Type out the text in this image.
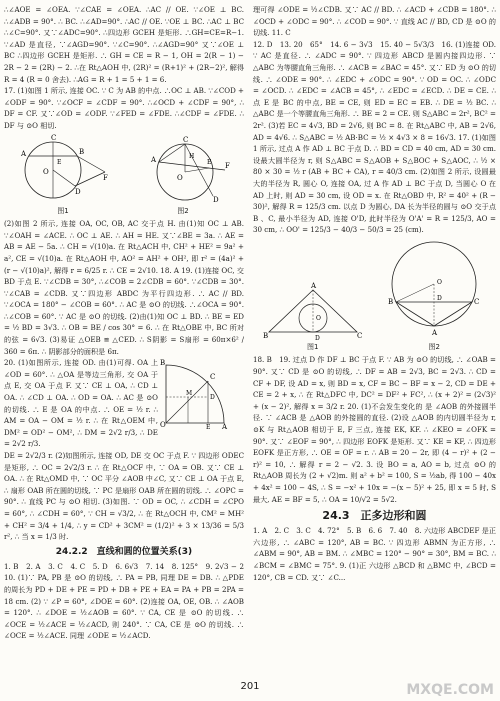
∴∠AOE = ∠OEA. ∵∠CAE = ∠OEA. ∴AC // OE. ∵∠OE ⊥ BC. ∴∠ADB = 90°. ∴ BC. ∴∠AD=90°. ∴AC // OE. ∵OE ⊥ BC. ∴AC ⊥ BC ∴∠C=90°. 又∵∠ADC=90°. ∴四边形 GCEH 是矩形. ∴GH=CE=R−1. ∵∠AD 是直径, ∵∠AGD=90°. ∵∠C=90°. ∴∠AGD=90° 又∵∠OE ⊥ BC ∴四边形 GCEH 是矩形. ∴ GH = CE = R − 1, OH = 2(R − 1) − 2R − 2 = (2R) − 2. ∴在 Rt△AOH 中, (2R)² = (R+1)² + (2R−2)², 解得 R = 4 (R = 0 舍去). ∴AG = R + 1 = 5 + 1 = 6.

17. (1)如图 1 所示, 连接 OC. ∵ C 为 AB 的中点. ∴OC ⊥ AB. ∵∠COD + ∠ODF = 90°. ∵∠OCF = ∠CDF = 90°. ∴∠OCD + ∠CDF = 90°, ∴ DF = CF. 又∵∠OD = ∠ODF. ∵∠FED = ∠FDE. ∴∠CDF = ∠FDE. ∴ DF 与 ⊙O 相切.

A	B
C
O
D
F
E
图1
A
C
O
F
E
D
H
图2

(2)如图 2 所示, 连接 OA, OC, OB, AC 交于点 H. 由(1)知 OC ⊥ AB. ∵∠OAH = ∠ACE. ∴ OC ⊥ AE. ∴ AH = HE. 又∵∠BE = 3a. ∴ AE = AB = AE − 5a. ∴ CH = √(10)a. 在 Rt△ACH 中, CH² + HE² = 9a² + a², CE = √(10)a. 在 Rt△AOH 中, AO² = AH² + OH², 即 r² = (4a)² + (r − √(10)a)², 解得 r = 6/25 r. ∴ CE = 2√10. 18. A 19. (1)连接 OC, 交 BD 于点 E. ∵∠CDB = 30°, ∴∠COB = 2∠CDB = 60°. ∵∠CDB = 30°. ∵∠CAB = ∠CDB. 又∵四边形 ABDC 为平行四边形. ∴ AC // BD. ∵∠OCA = 180° − ∠COB = 60°. ∴ AC 是 ⊙O 的切线. ∴∠OCA = 90°. ∴∠COB = 60°. ∵ AC 是 ⊙O 的切线. (2)由(1)知 OC ⊥ BD. ∴ BE = ED = ½ BD = 3√3. ∴ OB = BE / cos 30° = 6. ∴ 在 Rt△OBE 中, BC 所对的弦 = 6√3. (3)易证 △OEB ≌ △CED. ∴ S阴影 = S扇形 = 60π×6² / 360 = 6π. ∴ 阴影部分的面积是 6π.

20. (1)如图所示, 连接 OD. 由(1)可得. OA 上 ∠OD = 60°. ∴ △OA 是等边三角形, 交 OA 于点 E, 交 OA 于点 F. 又∵ CE ⊥ OA, ∴ CD ⊥ OA. ∴ ∠CD ⊥ OA. ∴ OD = OA. ∴ AC 是 ⊙O 的切线. ∴ E 是 OA 的中点. ∴ OE = ½ r. ∴ AM = OA − OM = ½ r. ∴ 在 Rt△OEM 中, DM² = OD² − OM², ∴ DM = 2√2 r/3, ∴ DE = 2√2 r/3.

B
A
O
C
D
M
E

DE = 2√2/3 r. (2)如图所示, 连接 OD, DE 交 OC 于点 F. ∵ 四边形 ODEC 是矩形, ∴ OC = 2√2/3 r. ∴ 在 Rt△OCF 中, ∵ OA = OB. 又∵ CE ⊥ OA. ∴ 在 Rt△OMD 中, ∵ OC 平分 ∠AOB 中∠C, 又∵ CE ⊥ OA 于点 E, ∴ 扇形 OAB 所在圆的切线, ∵ PC 是扇形 OAB 所在圆的切线. ∴ ∠OPC = 90°. ∴ 直线 PC 与 ⊙O 相切. (3)如图. ∵ OD = OC, ∴ ∠CDH = ∠CPO = 60°, ∴ ∠CDH = 60°, ∵ CH = √3/2, ∴ 在 Rt△OCH 中, CM² = MH² + CH² = 3/4 + 1/4, ∴ y = CD² + 3CM² = (1/2)² + 3 × 13/36 = 5/3 r², ∴ 当 x = 1/3 时.

24.2.2　直线和圆的位置关系(3)

1. B　2. A　3. C　4. C　5. D　6. 6√3　7. 14　8. 125°　9. 2√3 − 2　10. (1)∵ PA, PB 是 ⊙O 的切线, ∴ PA = PB, 同理 DE = DB. ∴ △PDE 的周长为 PD + DE + PE = PD + DB + PE + EA = PA + PB = 2PA = 18 cm. (2) ∵ ∠P = 60°, ∠DOE = 60°. (2)连接 OA, OE, OB. ∴ ∠AOB = 120°. ∴ ∠DOE = ½∠AOB = 60°. ∵ CA, CE 是 ⊙O 的切线. ∴ ∠OCE = ½∠ACE = ½∠ACD, 则 240°. ∵ CA, CE 是 ⊙O 的切线. ∴ ∠OCE = ½∠ACE. 同理 ∠ODE = ½∠ACD.

理可得 ∠ODE = ½∠CDB. 又∵ AC // BD. ∴ ∠ACD + ∠CDB = 180°. ∴ ∠OCD + ∠ODC = 90°. ∴ ∠COD = 90°. ∵ 直线 AC // BD, CD 是 ⊙O 的切线. 11. C

12. D　13. 20　65°　14. 6 − 3√3　15. 40 − 5√3/3　16. (1)连接 OD. ∵ AC 是直径. ∴ ∠ADC = 90°. ∵ 四边形 ABCD 是圆内接四边形. ∵ △ABC 为等腰直角三角形. ∴ ∠ACB = ∠BAC = 45°. 又∵ ED 为 ⊙O 的切线. ∴ ∠ODE = 90°. ∴ ∠EDC + ∠ODC = 90°. ∵ OD = OC. ∴ ∠ODC = ∠OCD. ∴ ∠EDC = ∠ACB = 45°, ∴ ∠EDC = ∠ECD. ∴ DE = CE. ∴ 点 E 是 BC 的中点, BE = CE, 则 ED = EC = EB. ∴ DE = ½ BC. ∴ △ABC 是一个等腰直角三角形. ∴ BE = 2 = CE. 则 S△ABC = 2r², BC² = 2r². (3)若 EC = 4√3, BD = 2√6, 则 BC = 8. 在 Rt△ABC 中, AB = 2√6, AD = 4√6. ∴ S△ABC = ½ AB·BC = ½ × 4√3 × 8 = 16√3. 17. (1)如图 1 所示, 过点 A 作 AD ⊥ BC 于点 D. ∴ BD = CD = 40 cm, AD = 30 cm. 设最大圆半径为 r, 则 S△ABC = S△AOB + S△BOC + S△AOC, ∴ ½ × 80 × 30 = ½ r (AB + BC + CA), r = 40/3 cm. (2)如图 2 所示, 设圆最大的半径为 R, 圆心 O, 连接 OA, 过 A 作 AD ⊥ BC 于点 D, 当圆心 O 在 AD 上时, 则 AD = 30 cm, 设 OD = x. 在 Rt△OBD 中, R² = 40² + (R − 30)², 解得 R = 125/3 cm. 以点 D 为圆心, DA 长为半径的圆与 ⊙O 交于点 B 、C, 最小半径为 AD, 连接 O'D, 此时半径为 O'A' = R = 125/3, AO = 30 cm, ∴ OO' = 125/3 − 40/3 − 50/3 = 25 (cm).

A
B	C
D
O
图1
A
B	C
D
O
图2

18. B　19. 过点 D 作 DF ⊥ BC 于点 F. ∵ AB 为 ⊙O 的切线, ∴ ∠OAB = 90°. 又∵ CD 是 ⊙O 的切线, ∴ DF = AB = 2√3, BC = 2√3. ∴ CD = CF + DF, 设 AD = x, 则 BD = x, CF = BC − BF = x − 2, CD = DE + CE = 2 + x, ∴ 在 Rt△DFC 中, DC² = DF² + FC², ∴ (x + 2)² = (2√3)² + (x − 2)², 解得 x = 3/2 r. 20. (1)不会发生变化的 是 ∠AOB 的外接圆半径. ∵ ∠ACB 是 △AOB 的外接圆的直径. (2)设 △AOB 的内切圆半径为 r, ⊙K 与 Rt△AOB 相切于 E, F 三点, 连接 EK, KF. ∴ ∠KEO = ∠OFK = 90°. 又∵ ∠EOF = 90°, ∴ 四边形 EOFK 是矩形. 又∵ KE = KF, ∴ 四边形 EOFK 是正方形, ∴ OE = OF = r. ∴ AB = 20 − 2r, 即 (4 − r)² + (2 − r)² = 10, ∴ 解得 r = 2 − √2. 3. 设 BO = a, AO = b, 过点 ⊙O 的 Rt△AOB 周长为 (2 + √2)m. 则 a² + b² = 100, S = ½ab, 得 100 − 40x + 4x² = 100 − 4S, ∴ S = −x² + 10x = −(x − 5)² + 25, 即 x = 5 时, S 最大, AE = BF = 5, ∴ OA = 10/√2 = 5√2.

24.3　正多边形和圆

1. A　2. C　3. C　4. 72°　5. B　6. 6　7. 40　8. 六边形 ABCDEF 是正六边形, ∴ ∠ABC = 120°, AB = BC. ∵ 四边形 ABMN 为正方形, ∴ ∠ABM = 90°, AB = BM. ∴ ∠MBC = 120° − 90° = 30°, BM = BC. ∴ ∠BCM = ∠BMC = 75°. 9. (1)正 六边形 △BCD 和 △BMC 中, ∠BCD = 120°, CB = CD. 又∵ ∠C...

201	MXQE.COM
